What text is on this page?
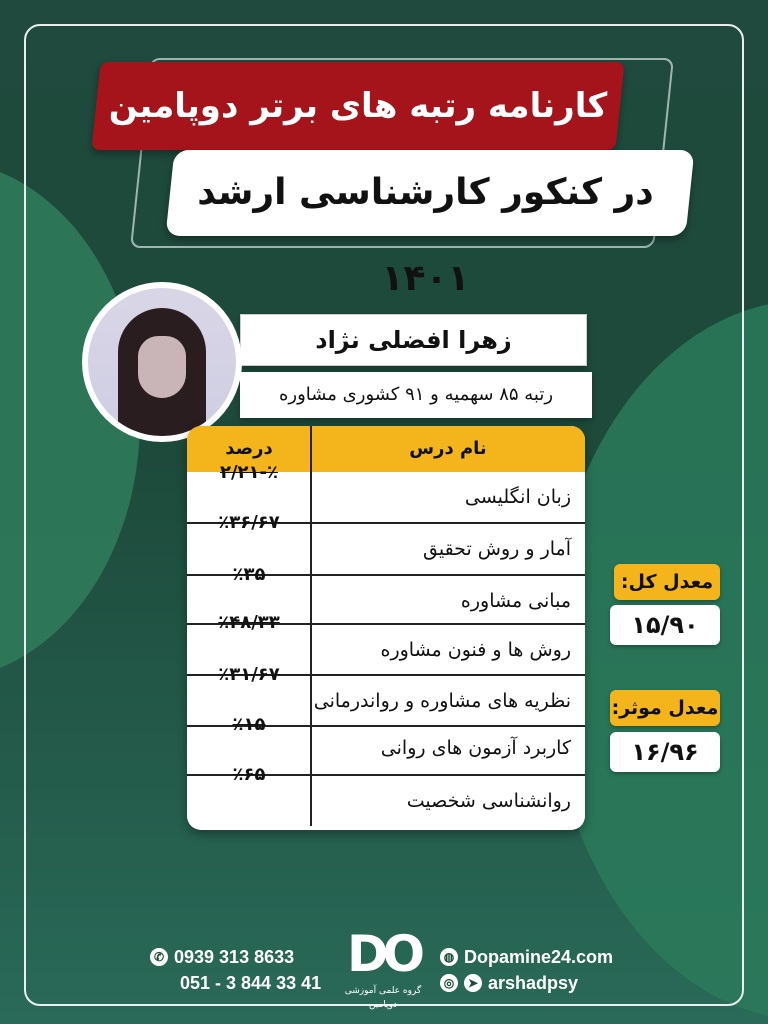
کارنامه رتبه های برتر دوپامین
در کنکور کارشناسی ارشد ۱۴۰۱
زهرا افضلی نژاد
رتبه ۸۵ سهمیه و ۹۱ کشوری مشاوره
درصد	نام درس
زبان انگلیسی
آمار و روش تحقیق
مبانی مشاوره
روش ها و فنون مشاوره
نظریه های مشاوره و رواندرمانی
کاربرد آزمون های روانی
روانشناسی شخصیت
٪-۲/۲۱
٪۳۶/۶۷
٪۳۵
٪۴۸/۳۳
٪۳۱/۶۷
٪۱۵
٪۶۵
معدل کل:
۱۵/۹۰
معدل موثر:
۱۶/۹۶
✆ 0939 313 8633
051 - 3 844 33 41 DO
گروه علمی آموزشی دوپامین
◍ Dopamine24.com
◎	➤ arshadpsy
